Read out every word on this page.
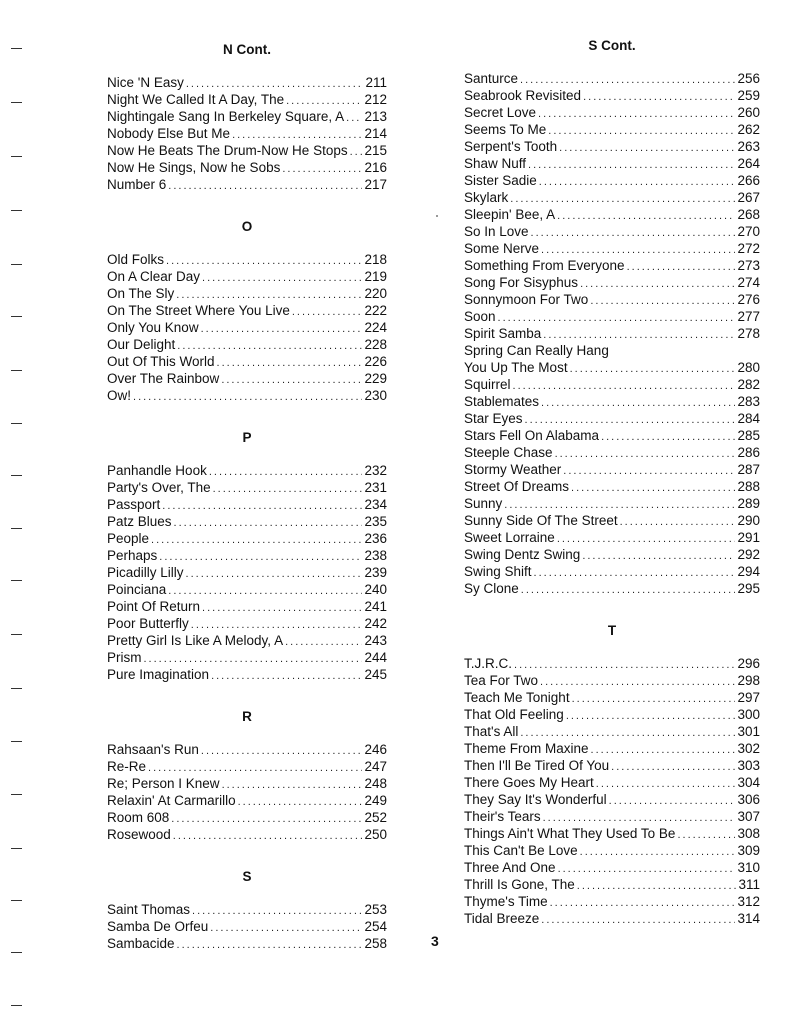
N Cont.
Nice 'N Easy .....	211
Night We Called It A Day, The .....	212
Nightingale Sang In Berkeley Square, A ..... 213
Nobody Else But Me .....	214
Now He Beats The Drum-Now He Stops ..... 215
Now He Sings, Now he Sobs .....	216
Number 6 .....	217
O
Old Folks .....	218
On A Clear Day .....	219
On The Sly .....	220
On The Street Where You Live .....	222
Only You Know .....	224
Our Delight .....	228
Out Of This World .....	226
Over The Rainbow .....	229
Ow! .....	230
P
Panhandle Hook .....	232
Party's Over, The .....	231
Passport .....	234
Patz Blues .....	235
People .....	236
Perhaps .....	238
Picadilly Lilly .....	239
Poinciana .....	240
Point Of Return .....	241
Poor Butterfly .....	242
Pretty Girl Is Like A Melody, A .....	243
Prism .....	244
Pure Imagination .....	245
R
Rahsaan's Run .....	246
Re-Re .....	247
Re; Person I Knew .....	248
Relaxin' At Carmarillo .....	249
Room 608 .....	252
Rosewood .....	250
S
Saint Thomas .....	253
Samba De Orfeu .....	254
Sambacide .....	258
S Cont.
Santurce .....	256
Seabrook Revisited .....	259
Secret Love .....	260
Seems To Me .....	262
Serpent's Tooth .....	263
Shaw Nuff .....	264
Sister Sadie .....	266
Skylark .....	267
Sleepin' Bee, A .....	268
So In Love .....	270
Some Nerve .....	272
Something From Everyone .....	273
Song For Sisyphus .....	274
Sonnymoon For Two .....	276
Soon .....	277
Spirit Samba .....	278
Spring Can Really Hang
You Up The Most .....	280
Squirrel .....	282
Stablemates .....	283
Star Eyes .....	284
Stars Fell On Alabama .....	285
Steeple Chase .....	286
Stormy Weather .....	287
Street Of Dreams .....	288
Sunny .....	289
Sunny Side Of The Street .....	290
Sweet Lorraine .....	291
Swing Dentz Swing .....	292
Swing Shift .....	294
Sy Clone .....	295
T
T.J.R.C. .....	296
Tea For Two .....	298
Teach Me Tonight .....	297
That Old Feeling .....	300
That's All .....	301
Theme From Maxine .....	302
Then I'll Be Tired Of You .....	303
There Goes My Heart .....	304
They Say It's Wonderful .....	306
Their's Tears .....	307
Things Ain't What They Used To Be .....	308
This Can't Be Love .....	309
Three And One .....	310
Thrill Is Gone, The .....	311
Thyme's Time .....	312
Tidal Breeze .....	314
3
